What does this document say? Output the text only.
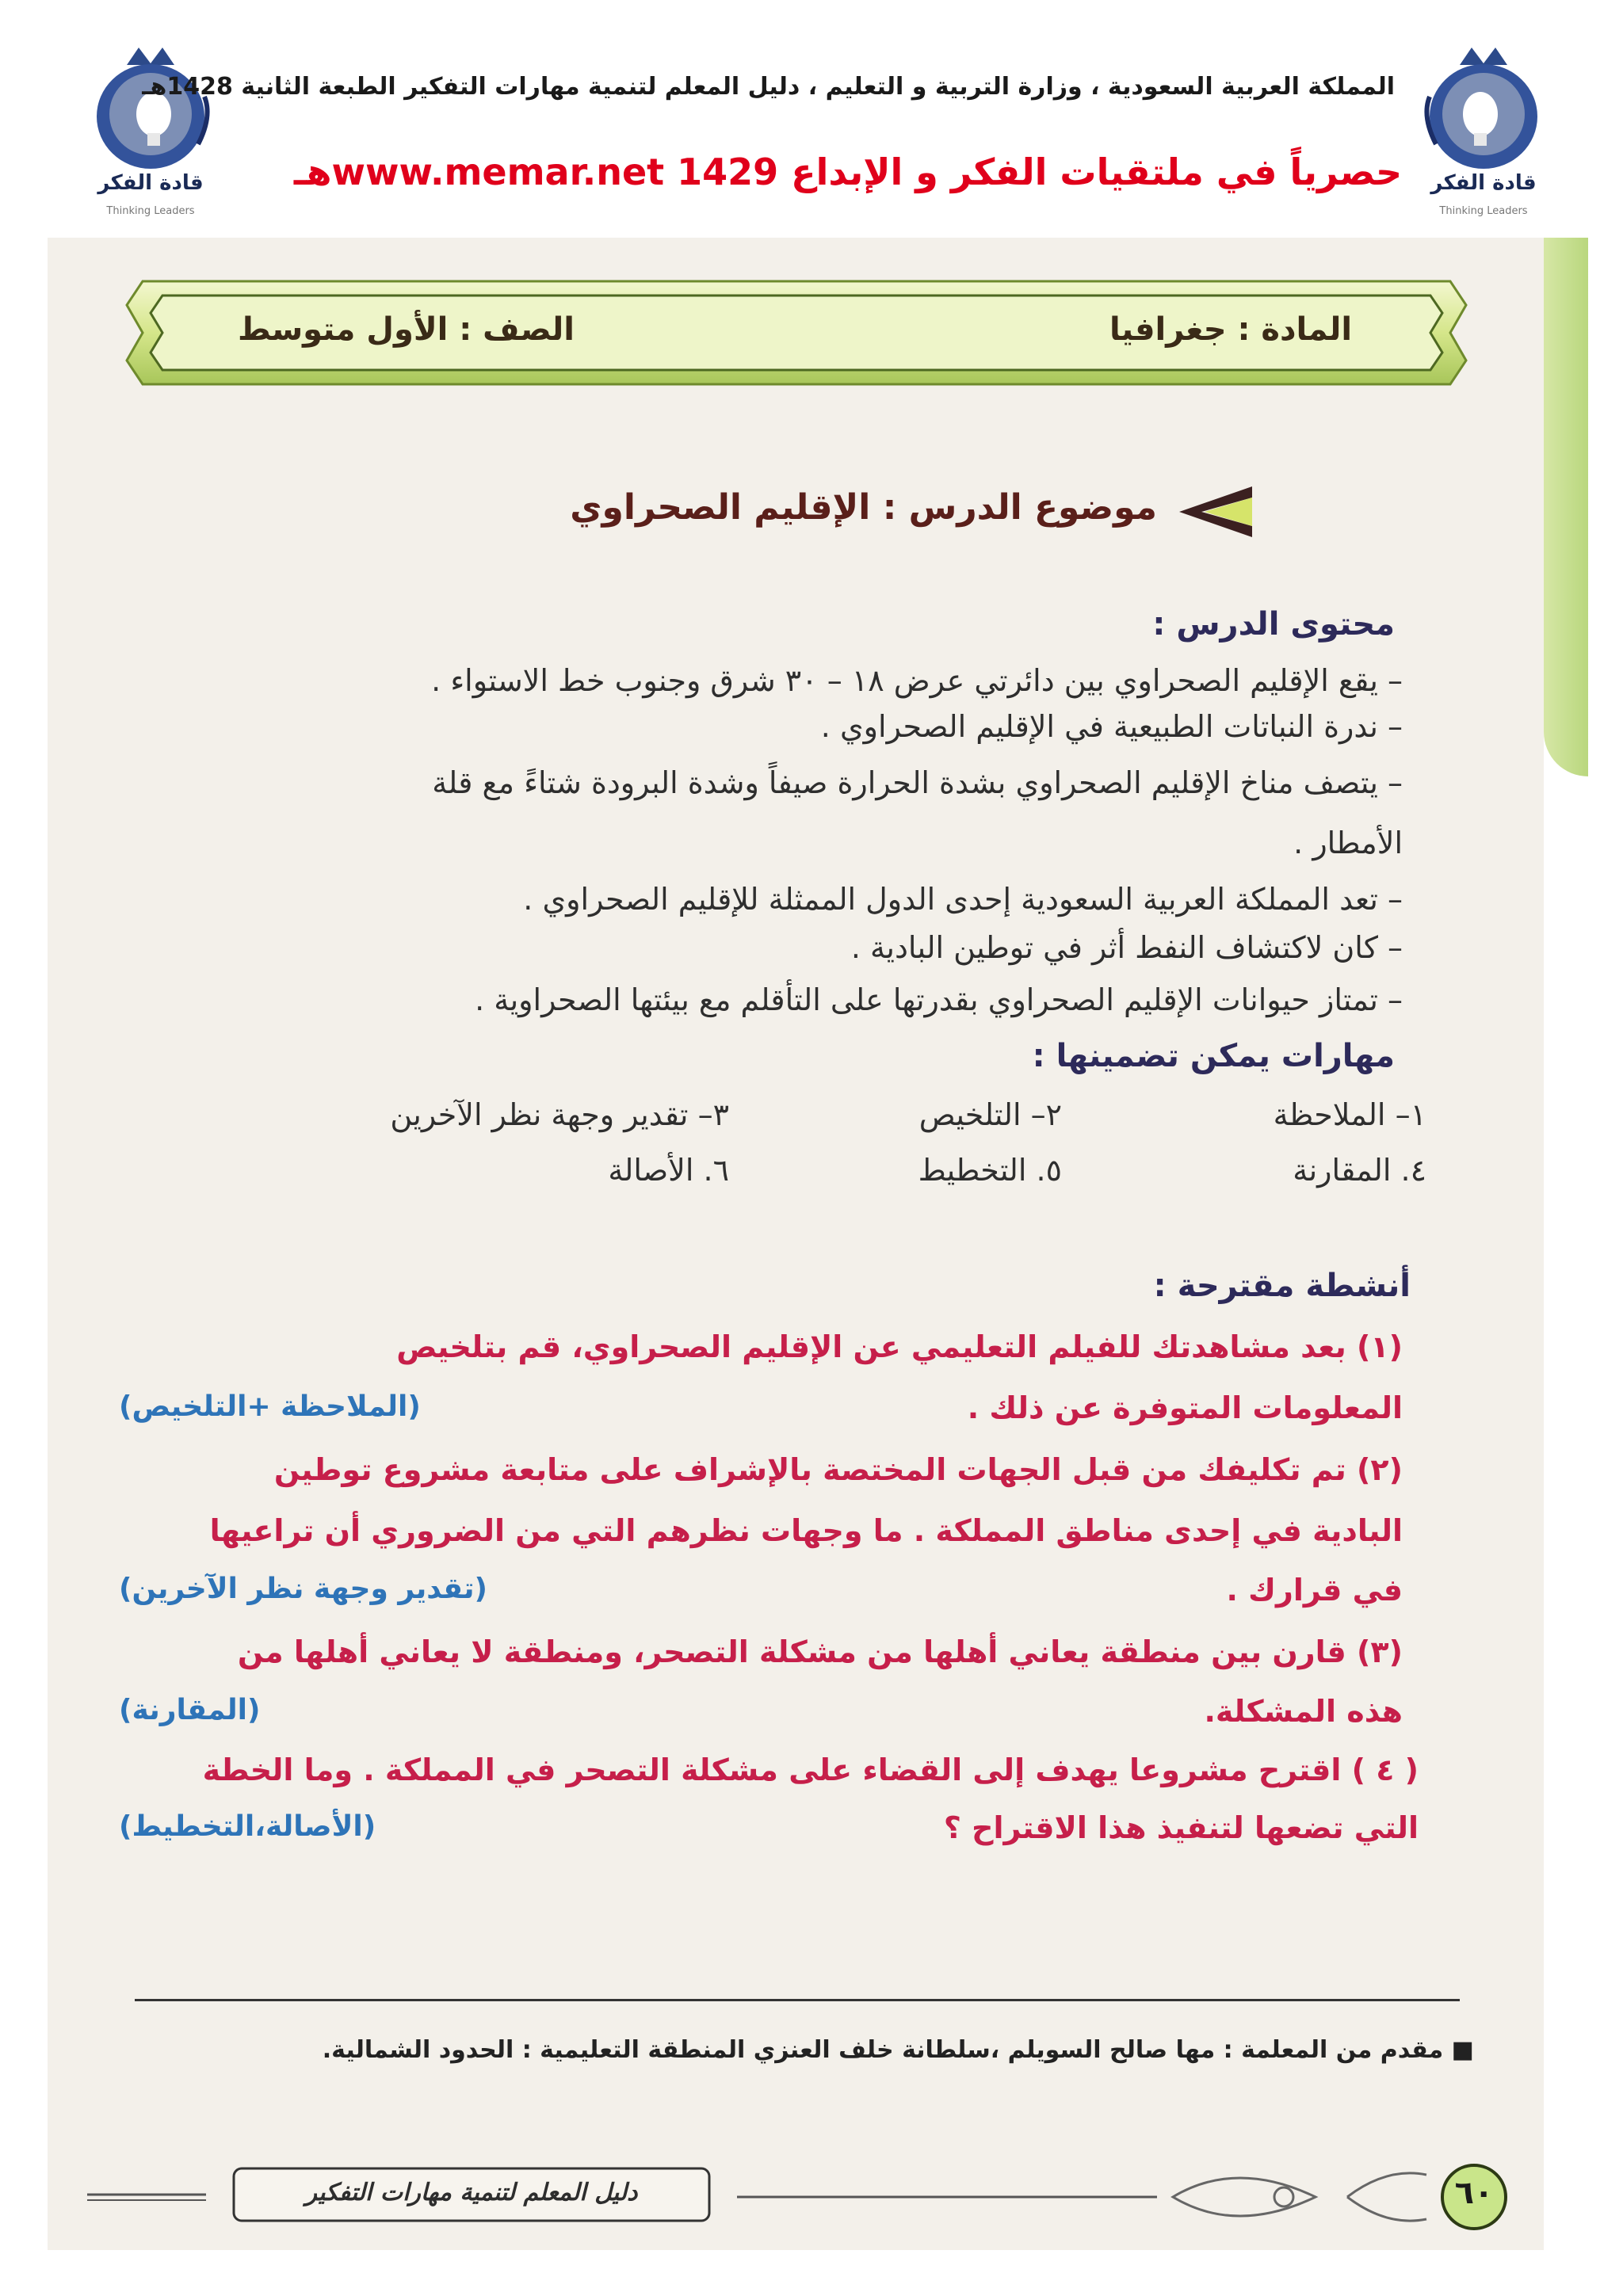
قادة الفكر
Thinking Leaders
قادة الفكر
Thinking Leaders
المملكة العربية السعودية ، وزارة التربية و التعليم ، دليل المعلم لتنمية مهارات التفكير الطبعة الثانية 1428هـ
حصرياً في ملتقيات الفكر و الإبداع www.memar.net 1429هـ
المادة : جغرافيا
الصف : الأول متوسط
موضوع الدرس : الإقليم الصحراوي
محتوى الدرس :
– يقع الإقليم الصحراوي بين دائرتي عرض ١٨ – ٣٠ شرق وجنوب خط الاستواء .
– ندرة النباتات الطبيعية في الإقليم الصحراوي .
– يتصف مناخ الإقليم الصحراوي بشدة الحرارة صيفاً وشدة البرودة شتاءً مع قلة
الأمطار .
– تعد المملكة العربية السعودية إحدى الدول الممثلة للإقليم الصحراوي .
– كان لاكتشاف النفط أثر في توطين البادية .
– تمتاز حيوانات الإقليم الصحراوي بقدرتها على التأقلم مع بيئتها الصحراوية .
مهارات يمكن تضمينها :
١– الملاحظة
٢– التلخيص
٣– تقدير وجهة نظر الآخرين
٤. المقارنة
٥. التخطيط
٦. الأصالة
أنشطة مقترحة :
(١) بعد مشاهدتك للفيلم التعليمي عن الإقليم الصحراوي، قم بتلخيص
المعلومات المتوفرة عن ذلك .
(الملاحظة +التلخيص)
(٢) تم تكليفك من قبل الجهات المختصة بالإشراف على متابعة مشروع توطين
البادية في إحدى مناطق المملكة . ما وجهات نظرهم التي من الضروري أن تراعيها
في قرارك .
(تقدير وجهة نظر الآخرين)
(٣) قارن بين منطقة يعاني أهلها من مشكلة التصحر، ومنطقة لا يعاني أهلها من
هذه المشكلة.
(المقارنة)
( ٤ ) اقترح مشروعا يهدف إلى القضاء على مشكلة التصحر في المملكة . وما الخطة
التي تضعها لتنفيذ هذا الاقتراح ؟
(الأصالة،التخطيط)
■ مقدم من المعلمة : مها صالح السويلم ،سلطانة خلف العنزي المنطقة التعليمية : الحدود الشمالية.
دليل المعلم لتنمية مهارات التفكير	٦٠
